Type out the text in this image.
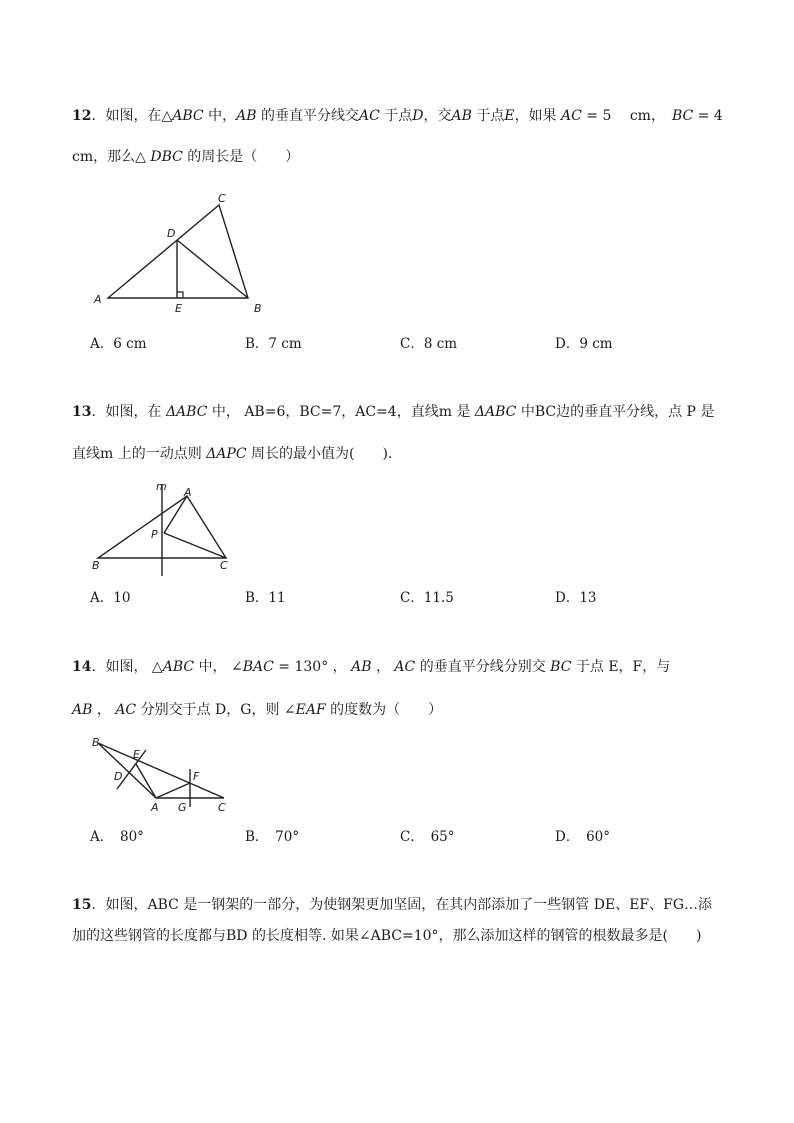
12．如图，在△ABC 中，AB 的垂直平分线交AC 于点D，交AB 于点E，如果 AC = 5　 cm，　BC = 4
cm，那么△ DBC 的周长是（　　）
A
B
C
D
E
A．6 cm	B．7 cm	C．8 cm	D．9 cm
13．如图，在 ΔABC 中， AB=6，BC=7，AC=4，直线m 是 ΔABC 中BC边的垂直平分线，点 P 是
直线m 上的一动点则 ΔAPC 周长的最小值为(　　).
m A
P
B	C
A．10	B．11	C．11.5	D．13
14．如图， △ABC 中， ∠BAC = 130° ， AB ， AC 的垂直平分线分别交 BC 于点 E，F，与
AB ， AC 分别交于点 D，G，则 ∠EAF 的度数为（　　）
B
E
D	F
A G	C
A．　80°	B．　70°	C．　65°	D．　60°
15．如图，ABC 是一钢架的一部分，为使钢架更加坚固，在其内部添加了一些钢管 DE、EF、FG…添
加的这些钢管的长度都与BD 的长度相等. 如果∠ABC=10°，那么添加这样的钢管的根数最多是(　　)
